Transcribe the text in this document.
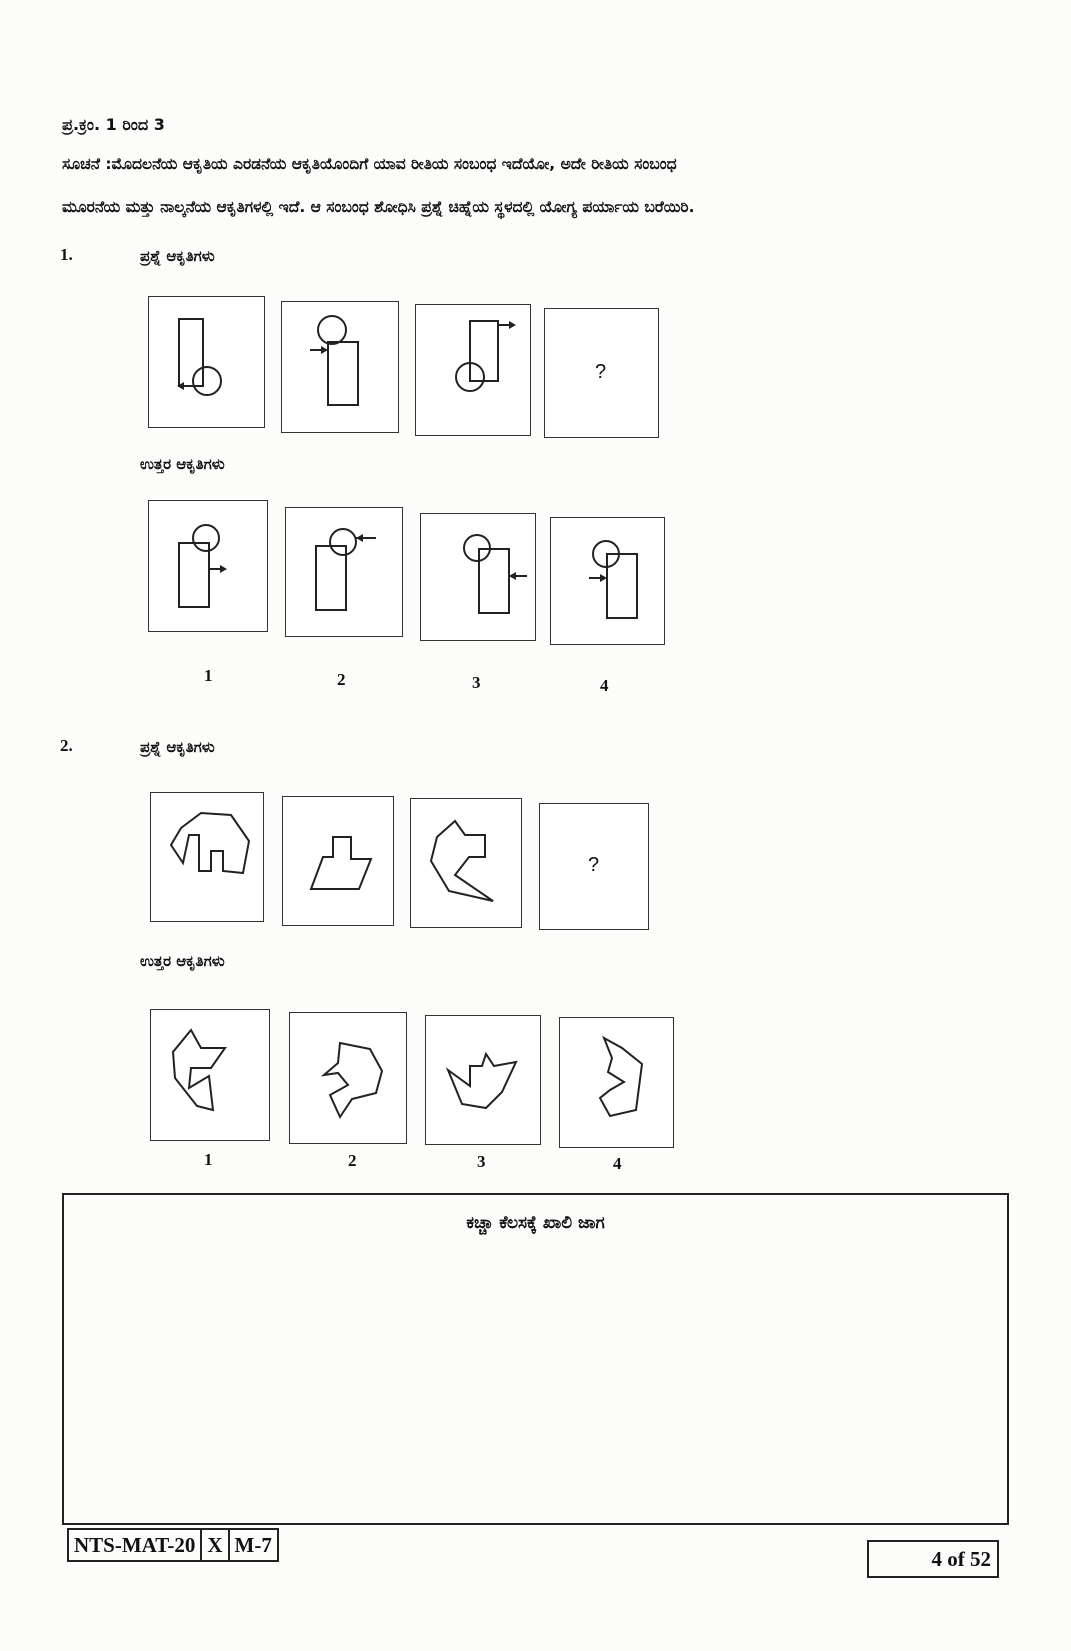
ಪ್ರ.ಕ್ರಂ. 1 ರಿಂದ 3
ಸೂಚನೆ :ಮೊದಲನೆಯ ಆಕೃತಿಯ ಎರಡನೆಯ ಆಕೃತಿಯೊಂದಿಗೆ ಯಾವ ರೀತಿಯ ಸಂಬಂಧ ಇದೆಯೋ, ಅದೇ ರೀತಿಯ ಸಂಬಂಧ
ಮೂರನೆಯ ಮತ್ತು ನಾಲ್ಕನೆಯ ಆಕೃತಿಗಳಲ್ಲಿ ಇದೆ. ಆ ಸಂಬಂಧ ಶೋಧಿಸಿ ಪ್ರಶ್ನೆ ಚಿಹ್ನೆಯ ಸ್ಥಳದಲ್ಲಿ ಯೋಗ್ಯ ಪರ್ಯಾಯ ಬರೆಯಿರಿ.
1.	ಪ್ರಶ್ನೆ ಆಕೃತಿಗಳು
?
ಉತ್ತರ ಆಕೃತಿಗಳು
1	2	3	4
2.	ಪ್ರಶ್ನೆ ಆಕೃತಿಗಳು
?
ಉತ್ತರ ಆಕೃತಿಗಳು
1	2	3	4
ಕಚ್ಚಾ ಕೆಲಸಕ್ಕೆ ಖಾಲಿ ಜಾಗ
NTS-MAT-20	X	M-7
4 of 52
